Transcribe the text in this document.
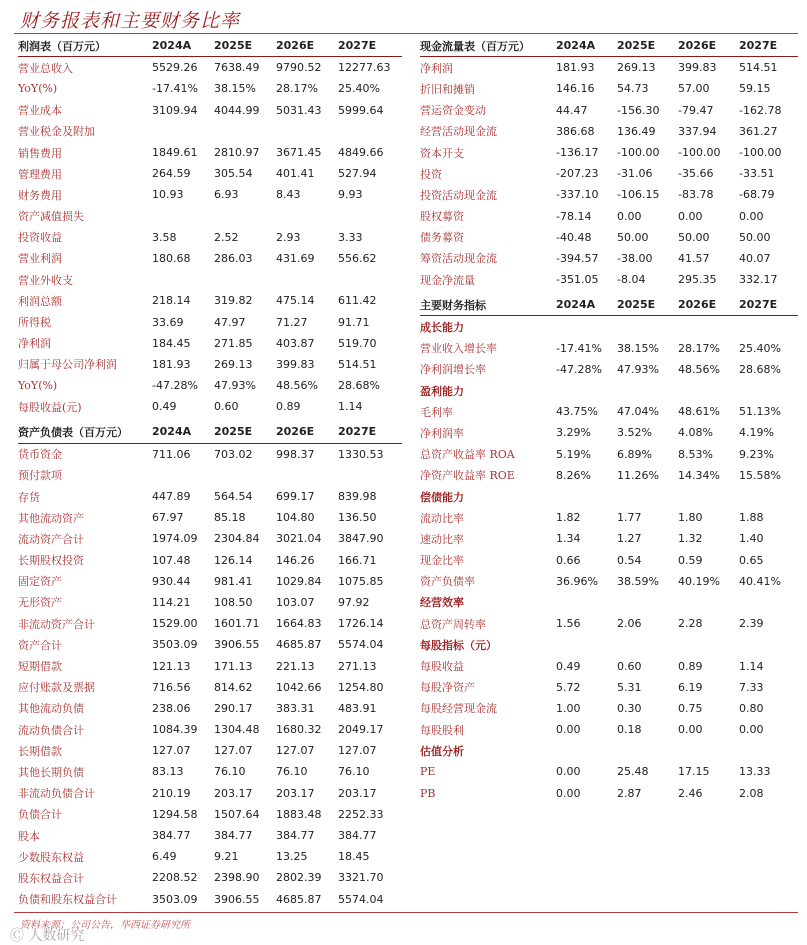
财务报表和主要财务比率
利润表（百万元）	2024A	2025E	2026E	2027E
营业总收入	5529.26	7638.49	9790.52	12277.63
YoY(%)	-17.41%	38.15%	28.17%	25.40%
营业成本	3109.94	4044.99	5031.43	5999.64
营业税金及附加
销售费用	1849.61	2810.97	3671.45	4849.66
管理费用	264.59	305.54	401.41	527.94
财务费用	10.93	6.93	8.43	9.93
资产减值损失
投资收益	3.58	2.52	2.93	3.33
营业利润	180.68	286.03	431.69	556.62
营业外收支
利润总额	218.14	319.82	475.14	611.42
所得税	33.69	47.97	71.27	91.71
净利润	184.45	271.85	403.87	519.70
归属于母公司净利润	181.93	269.13	399.83	514.51
YoY(%)	-47.28%	47.93%	48.56%	28.68%
每股收益(元)	0.49	0.60	0.89	1.14
资产负债表（百万元）	2024A	2025E	2026E	2027E
货币资金	711.06	703.02	998.37	1330.53
预付款项
存货	447.89	564.54	699.17	839.98
其他流动资产	67.97	85.18	104.80	136.50
流动资产合计	1974.09	2304.84	3021.04	3847.90
长期股权投资	107.48	126.14	146.26	166.71
固定资产	930.44	981.41	1029.84	1075.85
无形资产	114.21	108.50	103.07	97.92
非流动资产合计	1529.00	1601.71	1664.83	1726.14
资产合计	3503.09	3906.55	4685.87	5574.04
短期借款	121.13	171.13	221.13	271.13
应付账款及票据	716.56	814.62	1042.66	1254.80
其他流动负债	238.06	290.17	383.31	483.91
流动负债合计	1084.39	1304.48	1680.32	2049.17
长期借款	127.07	127.07	127.07	127.07
其他长期负债	83.13	76.10	76.10	76.10
非流动负债合计	210.19	203.17	203.17	203.17
负债合计	1294.58	1507.64	1883.48	2252.33
股本	384.77	384.77	384.77	384.77
少数股东权益	6.49	9.21	13.25	18.45
股东权益合计	2208.52	2398.90	2802.39	3321.70
负债和股东权益合计	3503.09	3906.55	4685.87	5574.04
现金流量表（百万元）	2024A	2025E	2026E	2027E
净利润	181.93	269.13	399.83	514.51
折旧和摊销	146.16	54.73	57.00	59.15
营运资金变动	44.47	-156.30	-79.47	-162.78
经营活动现金流	386.68	136.49	337.94	361.27
资本开支	-136.17	-100.00	-100.00	-100.00
投资	-207.23	-31.06	-35.66	-33.51
投资活动现金流	-337.10	-106.15	-83.78	-68.79
股权募资	-78.14	0.00	0.00	0.00
债务募资	-40.48	50.00	50.00	50.00
筹资活动现金流	-394.57	-38.00	41.57	40.07
现金净流量	-351.05	-8.04	295.35	332.17
主要财务指标	2024A	2025E	2026E	2027E
成长能力
营业收入增长率	-17.41%	38.15%	28.17%	25.40%
净利润增长率	-47.28%	47.93%	48.56%	28.68%
盈利能力
毛利率	43.75%	47.04%	48.61%	51.13%
净利润率	3.29%	3.52%	4.08%	4.19%
总资产收益率 ROA	5.19%	6.89%	8.53%	9.23%
净资产收益率 ROE	8.26%	11.26%	14.34%	15.58%
偿债能力
流动比率	1.82	1.77	1.80	1.88
速动比率	1.34	1.27	1.32	1.40
现金比率	0.66	0.54	0.59	0.65
资产负债率	36.96%	38.59%	40.19%	40.41%
经营效率
总资产周转率	1.56	2.06	2.28	2.39
每股指标（元）
每股收益	0.49	0.60	0.89	1.14
每股净资产	5.72	5.31	6.19	7.33
每股经营现金流	1.00	0.30	0.75	0.80
每股股利	0.00	0.18	0.00	0.00
估值分析
PE	0.00	25.48	17.15	13.33
PB	0.00	2.87	2.46	2.08
资料来源：公司公告，华西证券研究所
Ⓒ 人数研究
